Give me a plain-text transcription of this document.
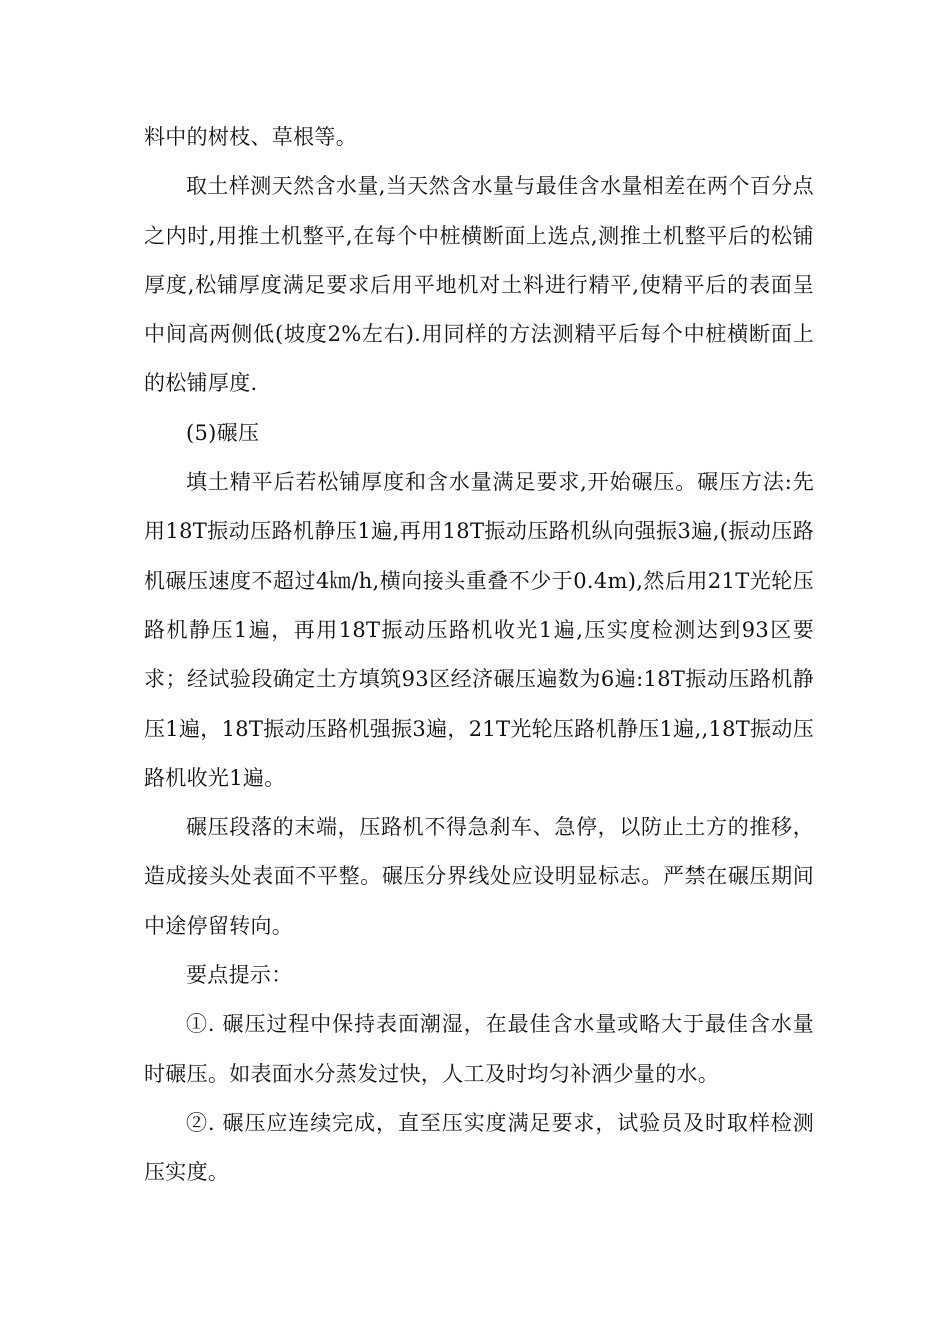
料中的树枝、草根等。

取土样测天然含水量,当天然含水量与最佳含水量相差在两个百分点之内时,用推土机整平,在每个中桩横断面上选点,测推土机整平后的松铺厚度,松铺厚度满足要求后用平地机对土料进行精平,使精平后的表面呈中间高两侧低(坡度2%左右).用同样的方法测精平后每个中桩横断面上的松铺厚度.

(5)碾压

填土精平后若松铺厚度和含水量满足要求,开始碾压。碾压方法:先用18T振动压路机静压1遍,再用18T振动压路机纵向强振3遍,(振动压路机碾压速度不超过4㎞/h,横向接头重叠不少于0.4m),然后用21T光轮压路机静压1遍，再用18T振动压路机收光1遍,压实度检测达到93区要求；经试验段确定土方填筑93区经济碾压遍数为6遍:18T振动压路机静压1遍，18T振动压路机强振3遍，21T光轮压路机静压1遍,,18T振动压路机收光1遍。

碾压段落的末端，压路机不得急刹车、急停，以防止土方的推移，造成接头处表面不平整。碾压分界线处应设明显标志。严禁在碾压期间中途停留转向。

要点提示：

①. 碾压过程中保持表面潮湿，在最佳含水量或略大于最佳含水量时碾压。如表面水分蒸发过快，人工及时均匀补洒少量的水。

②. 碾压应连续完成，直至压实度满足要求，试验员及时取样检测压实度。
